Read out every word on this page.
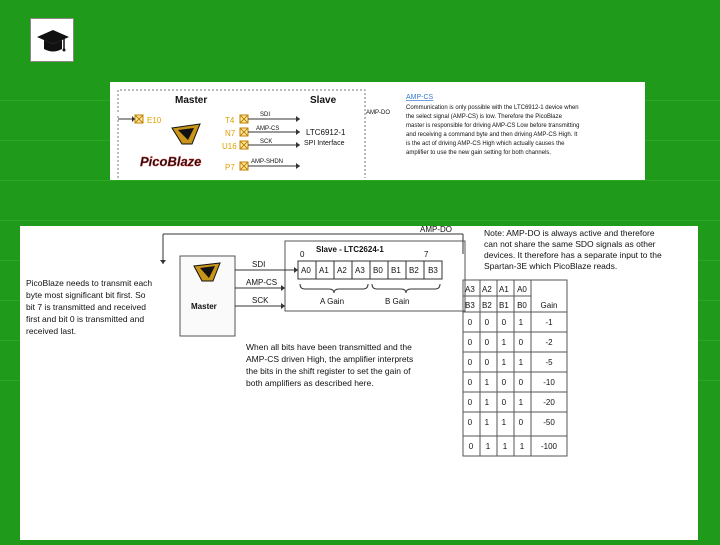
Master	Slave
E10	T4
N7
U16
P7
SDI
AMP-CS
SCK
AMP-SHDN
LTC6912-1
SPI Interface
AMP-DO
PicoBlaze
AMP-CS
Communication is only possible with the LTC6912-1 device when the select signal (AMP-CS) is low. Therefore the PicoBlaze master is responsible for driving AMP-CS Low before transmitting and receiving a command byte and then driving AMP-CS High. It is the act of driving AMP-CS High which actually causes the amplifier to use the new gain setting for both channels.
AMP-DO
Slave - LTC2624-1
0	7
A0 A1 A2 A3 B0 B1 B2 B3
A Gain	B Gain
Master
SDI
AMP-CS
SCK
PicoBlaze needs to transmit each byte most significant bit first. So bit 7 is transmitted and received first and bit 0 is transmitted and received last.
When all bits have been transmitted and the AMP-CS driven High, the amplifier interprets the bits in the shift register to set the gain of both amplifiers as described here.
Note: AMP-DO is always active and therefore can not share the same SDO signals as other devices. It therefore has a separate input to the Spartan-3E which PicoBlaze reads.
A3 A2 A1 A0
B3 B2 B1 B0 Gain
0 0 0 1	-1
0 0 1 0	-2
0 0 1 1	-5
0 1 0 0	-10
0 1 0 1	-20
0 1 1 0	-50
0 1 1 1 -100
